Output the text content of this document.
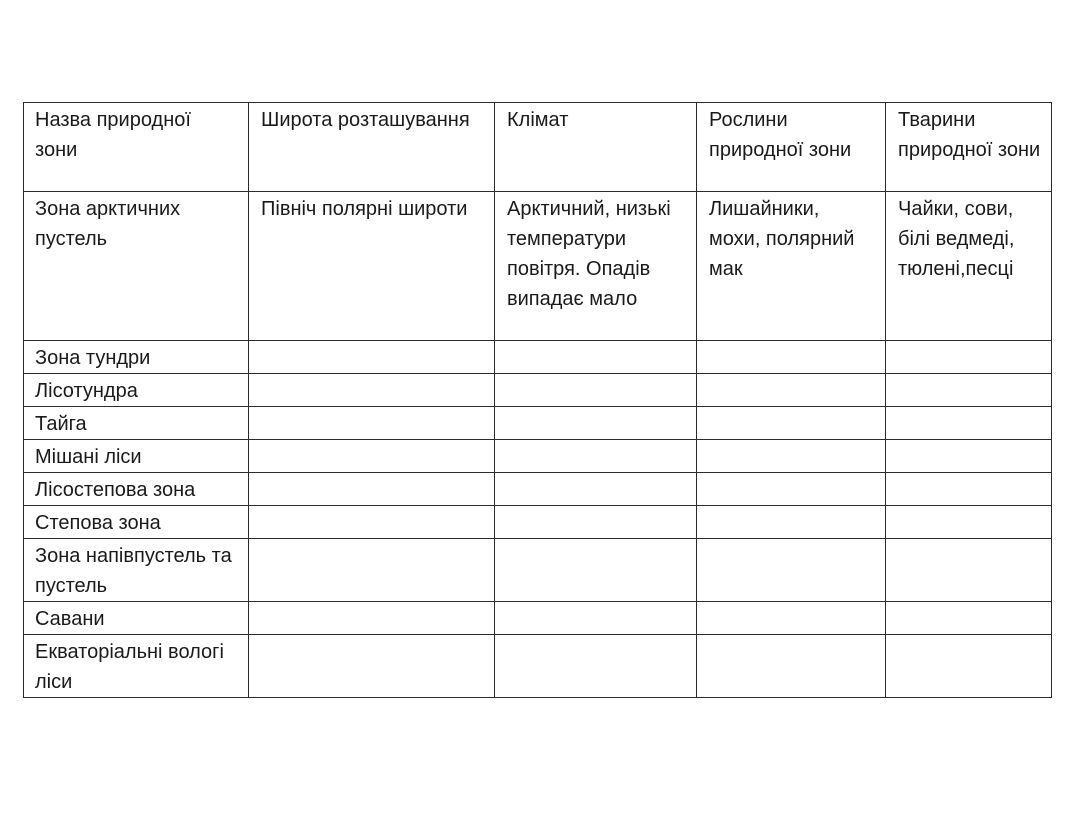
Назва природної зони	Широта розташування	Клімат	Рослини природної зони	Тварини природної зони
Зона арктичних пустель	Північ полярні широти	Арктичний, низькі температури повітря. Опадів випадає мало	Лишайники, мохи, полярний мак	Чайки, сови, білі ведмеді, тюлені,песці
Зона тундри				
Лісотундра				
Тайга				
Мішані ліси				
Лісостепова зона				
Степова зона				
Зона напівпустель та пустель				
Савани				
Екваторіальні вологі ліси				
